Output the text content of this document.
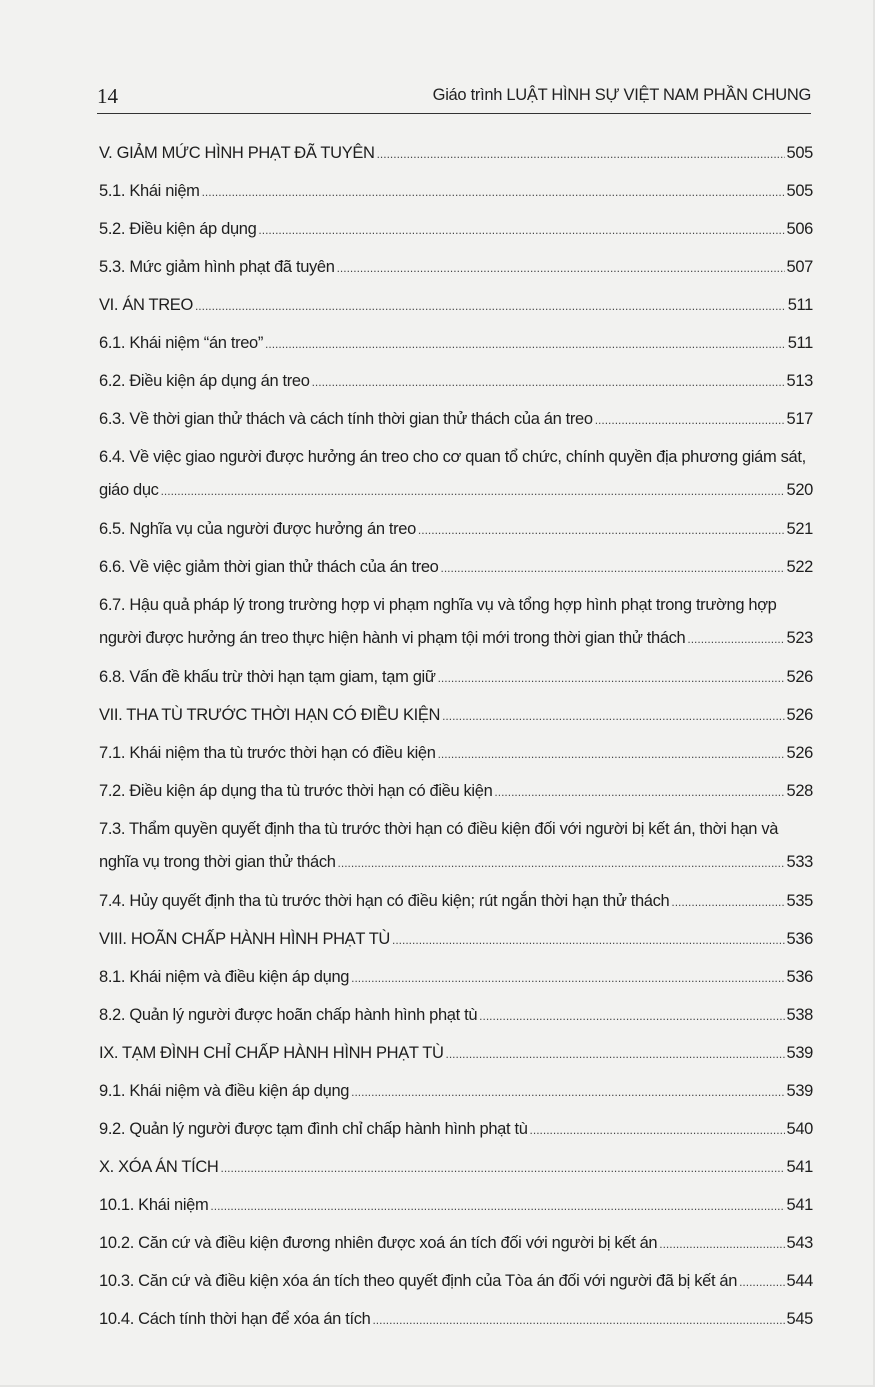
14	Giáo trình LUẬT HÌNH SỰ VIỆT NAM PHẦN CHUNG
V. GIẢM MỨC HÌNH PHẠT ĐÃ TUYÊN .....	505
5.1. Khái niệm .....	505
5.2. Điều kiện áp dụng .....	506
5.3. Mức giảm hình phạt đã tuyên .....	507
VI. ÁN TREO .....	511
6.1. Khái niệm “án treo” .....	511
6.2. Điều kiện áp dụng án treo .....	513
6.3. Về thời gian thử thách và cách tính thời gian thử thách của án treo .....	517
6.4. Về việc giao người được hưởng án treo cho cơ quan tổ chức, chính quyền địa phương giám sát,
giáo dục .....	520
6.5. Nghĩa vụ của người được hưởng án treo .....	521
6.6. Về việc giảm thời gian thử thách của án treo .....	522
6.7. Hậu quả pháp lý trong trường hợp vi phạm nghĩa vụ và tổng hợp hình phạt trong trường hợp
người được hưởng án treo thực hiện hành vi phạm tội mới trong thời gian thử thách .....	523
6.8. Vấn đề khấu trừ thời hạn tạm giam, tạm giữ .....	526
VII. THA TÙ TRƯỚC THỜI HẠN CÓ ĐIỀU KIỆN .....	526
7.1. Khái niệm tha tù trước thời hạn có điều kiện .....	526
7.2. Điều kiện áp dụng tha tù trước thời hạn có điều kiện .....	528
7.3. Thẩm quyền quyết định tha tù trước thời hạn có điều kiện đối với người bị kết án, thời hạn và
nghĩa vụ trong thời gian thử thách .....	533
7.4. Hủy quyết định tha tù trước thời hạn có điều kiện; rút ngắn thời hạn thử thách .....	535
VIII. HOÃN CHẤP HÀNH HÌNH PHẠT TÙ .....	536
8.1. Khái niệm và điều kiện áp dụng .....	536
8.2. Quản lý người được hoãn chấp hành hình phạt tù .....	538
IX. TẠM ĐÌNH CHỈ CHẤP HÀNH HÌNH PHẠT TÙ .....	539
9.1. Khái niệm và điều kiện áp dụng .....	539
9.2. Quản lý người được tạm đình chỉ chấp hành hình phạt tù .....	540
X. XÓA ÁN TÍCH .....	541
10.1. Khái niệm .....	541
10.2. Căn cứ và điều kiện đương nhiên được xoá án tích đối với người bị kết án .....	543
10.3. Căn cứ và điều kiện xóa án tích theo quyết định của Tòa án đối với người đã bị kết án .....	544
10.4. Cách tính thời hạn để xóa án tích .....	545
